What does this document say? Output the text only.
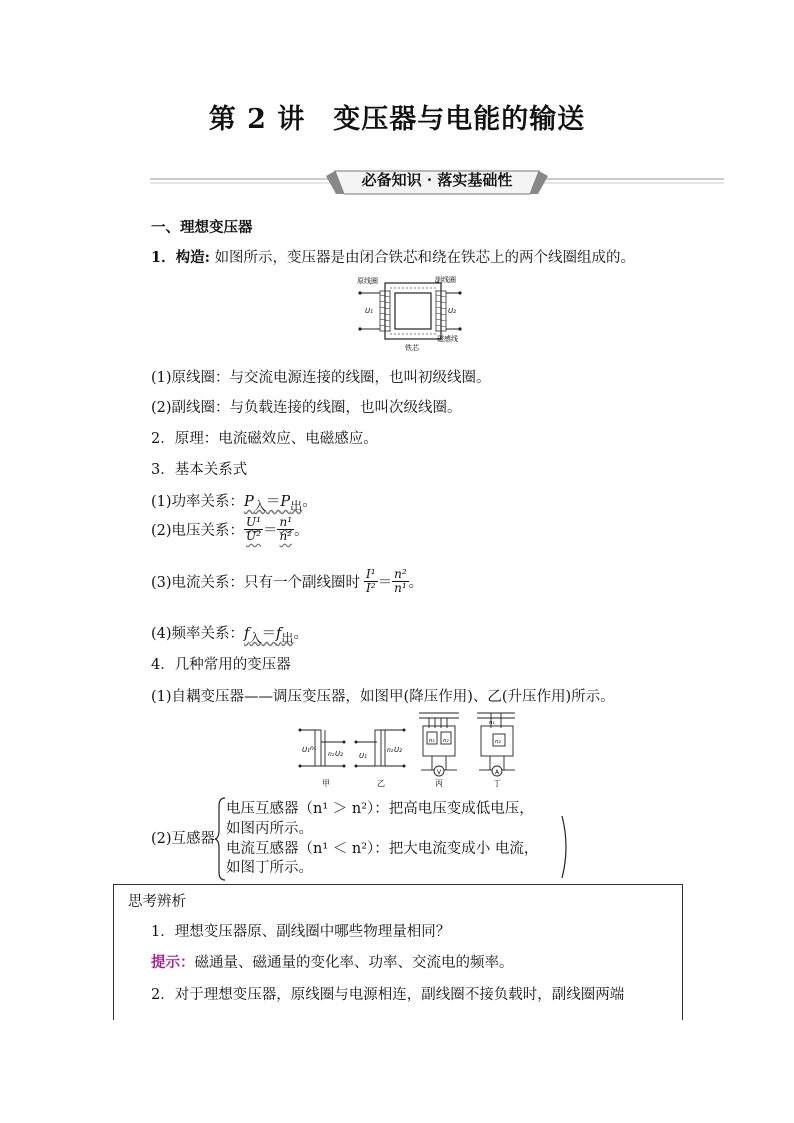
第 2 讲　变压器与电能的输送
必备知识 · 落实基础性
一、理想变压器
1．构造: 如图所示，变压器是由闭合铁芯和绕在铁芯上的两个线圈组成的。
原线圈	副线圈
U₁	U₂
铁芯
磁感线
(1)原线圈：与交流电源连接的线圈，也叫初级线圈。
(2)副线圈：与负载连接的线圈，也叫次级线圈。
2．原理：电流磁效应、电磁感应。
3．基本关系式
(1)功率关系：$P_入=P_出$。
(2)电压关系： $\frac{\text{U¹}}{\text{U²}} = \frac{\text{n¹}}{\text{n²}}$ 。
(3)电流关系：只有一个副线圈时 $\frac{\text{I¹}}{\text{I²}} = \frac{\text{n²}}{\text{n¹}}$ 。
(4)频率关系：$f_入=f_出$。
4．几种常用的变压器
(1)自耦变压器——调压变压器，如图甲(降压作用)、乙(升压作用)所示。
U₁ n₁
n₂ U₂
甲
U₁
n₂ U₂
乙
n₁ n₂
V
丙
n₁
n₂
A
丁
(2)互感器
电压互感器（n¹ ＞ n²）：把高电压变成低电压，
如图丙所示。
电流互感器（n¹ ＜ n²）：把大电流变成小 电流，
如图丁所示。
思考辨析
1．理想变压器原、副线圈中哪些物理量相同？
提示：磁通量、磁通量的变化率、功率、交流电的频率。
2．对于理想变压器，原线圈与电源相连，副线圈不接负载时，副线圈两端
